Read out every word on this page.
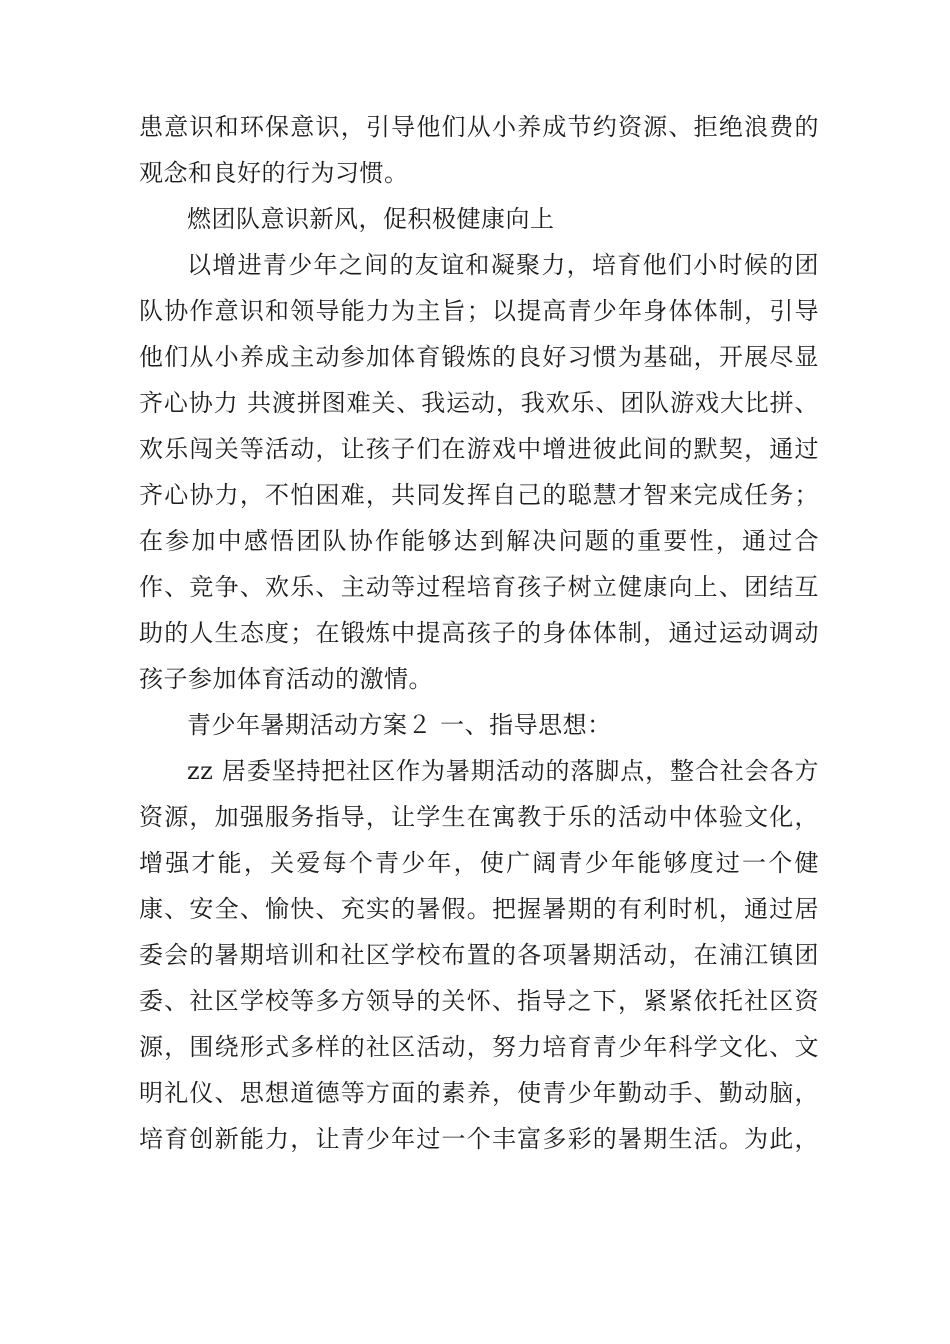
患意识和环保意识，引导他们从小养成节约资源、拒绝浪费的
观念和良好的行为习惯。
燃团队意识新风，促积极健康向上
以增进青少年之间的友谊和凝聚力，培育他们小时候的团
队协作意识和领导能力为主旨；以提高青少年身体体制，引导
他们从小养成主动参加体育锻炼的良好习惯为基础，开展尽显
齐心协力 共渡拼图难关、我运动，我欢乐、团队游戏大比拼、
欢乐闯关等活动，让孩子们在游戏中增进彼此间的默契，通过
齐心协力，不怕困难，共同发挥自己的聪慧才智来完成任务；
在参加中感悟团队协作能够达到解决问题的重要性，通过合
作、竞争、欢乐、主动等过程培育孩子树立健康向上、团结互
助的人生态度；在锻炼中提高孩子的身体体制，通过运动调动
孩子参加体育活动的激情。
青少年暑期活动方案２ 一、指导思想：
zz 居委坚持把社区作为暑期活动的落脚点，整合社会各方
资源，加强服务指导，让学生在寓教于乐的活动中体验文化，
增强才能，关爱每个青少年，使广阔青少年能够度过一个健
康、安全、愉快、充实的暑假。把握暑期的有利时机，通过居
委会的暑期培训和社区学校布置的各项暑期活动，在浦江镇团
委、社区学校等多方领导的关怀、指导之下，紧紧依托社区资
源，围绕形式多样的社区活动，努力培育青少年科学文化、文
明礼仪、思想道德等方面的素养，使青少年勤动手、勤动脑，
培育创新能力，让青少年过一个丰富多彩的暑期生活。为此，
